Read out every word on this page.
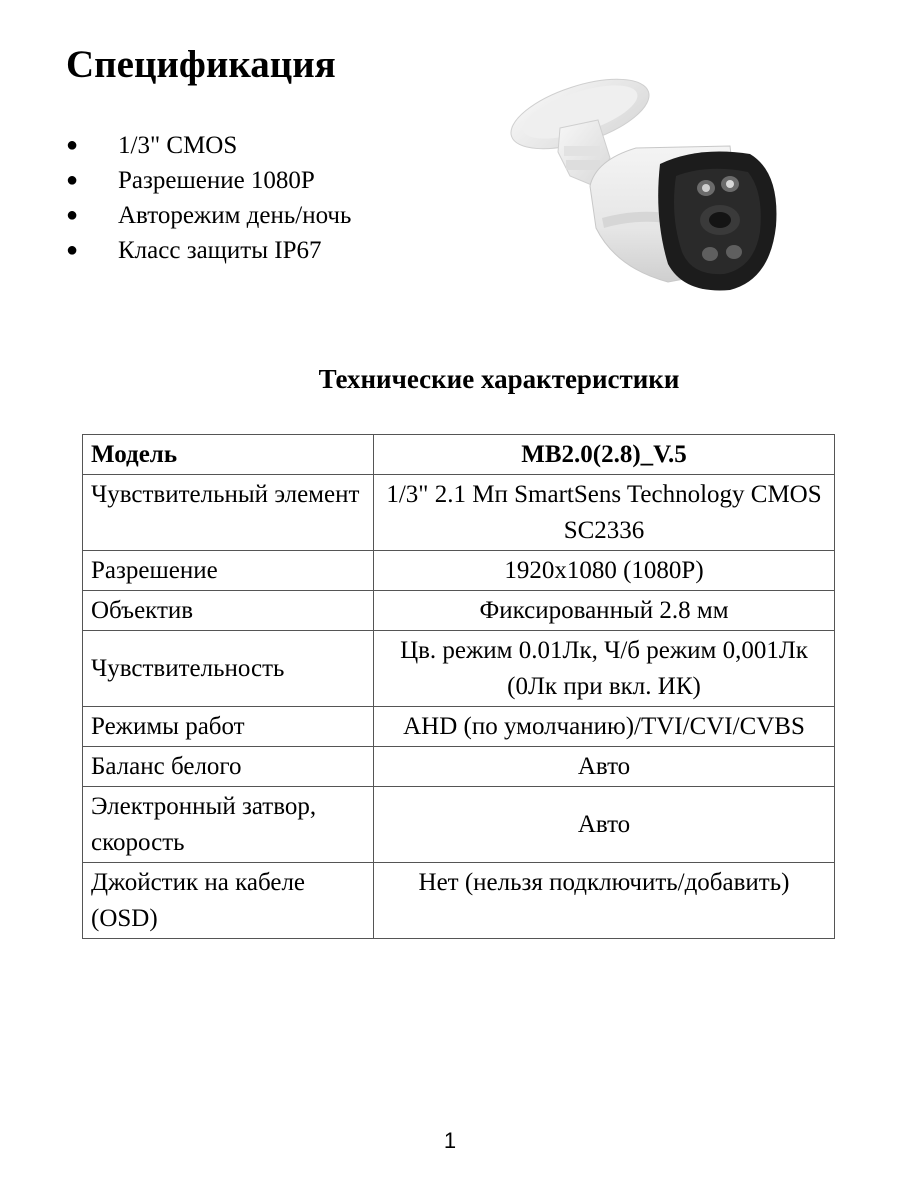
Спецификация
● 1/3" CMOS
● Разрешение 1080P
● Авторежим день/ночь
● Класс защиты IP67
Технические характеристики
Модель	MB2.0(2.8)_V.5
Чувствительный элемент	1/3" 2.1 Мп SmartSens Technology CMOS SC2336
Разрешение	1920x1080 (1080P)
Объектив	Фиксированный 2.8 мм
Чувствительность	Цв. режим 0.01Лк, Ч/б режим 0,001Лк (0Лк при вкл. ИК)
Режимы работ	AHD (по умолчанию)/TVI/CVI/CVBS
Баланс белого	Авто
Электронный затвор, скорость	Авто
Джойстик на кабеле (OSD)	Нет (нельзя подключить/добавить)
1
